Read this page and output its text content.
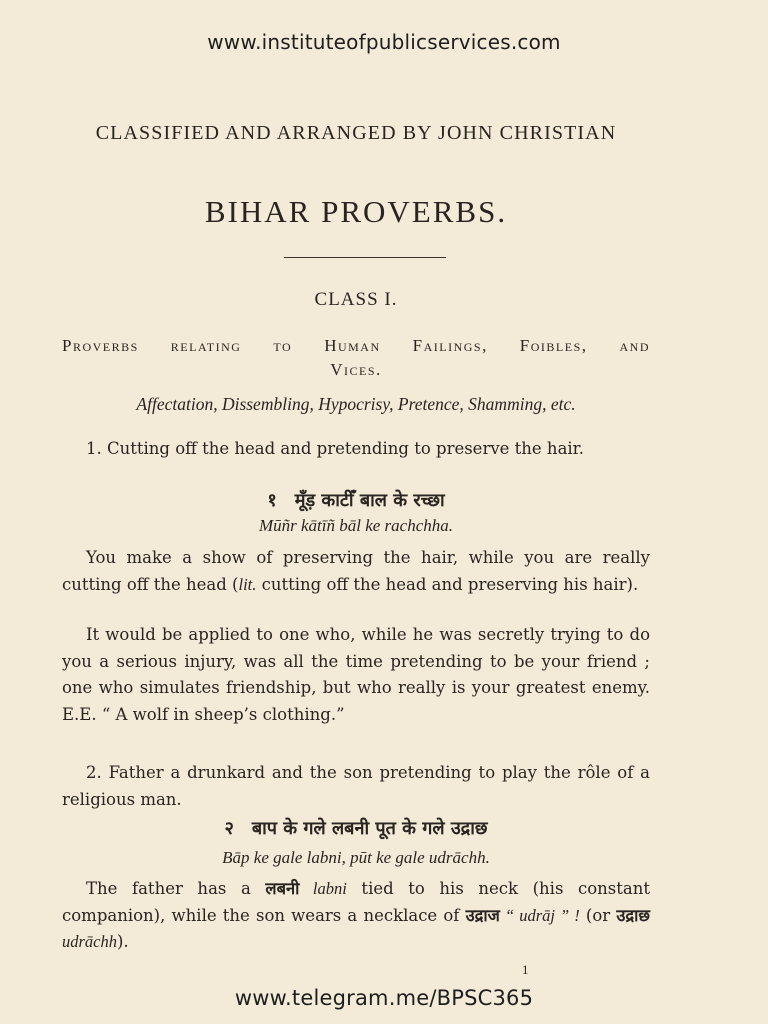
www.instituteofpublicservices.com
CLASSIFIED AND ARRANGED BY JOHN CHRISTIAN
BIHAR PROVERBS.
CLASS I.
Proverbs relating to Human Failings, Foibles, and
Vices.
Affectation, Dissembling, Hypocrisy, Pretence, Shamming, etc.
1. Cutting off the head and pretending to preserve the hair.
१ मूँड़ काटीँ बाल के रच्छा
Mūñr kātīñ bāl ke rachchha.
You make a show of preserving the hair, while you are really cutting off the head (lit. cutting off the head and preserving his hair).
It would be applied to one who, while he was secretly trying to do you a serious injury, was all the time pretending to be your friend ; one who simulates friendship, but who really is your greatest enemy. E.E. “ A wolf in sheep’s clothing.”
2. Father a drunkard and the son pretending to play the rôle of a religious man.
२ बाप के गले लबनी पूत के गले उद्राछ
Bāp ke gale labni, pūt ke gale udrāchh.
The father has a लबनी labni tied to his neck (his constant companion), while the son wears a necklace of उद्राज “ udrāj ” ! (or उद्राछ udrāchh).
1
www.telegram.me/BPSC365
